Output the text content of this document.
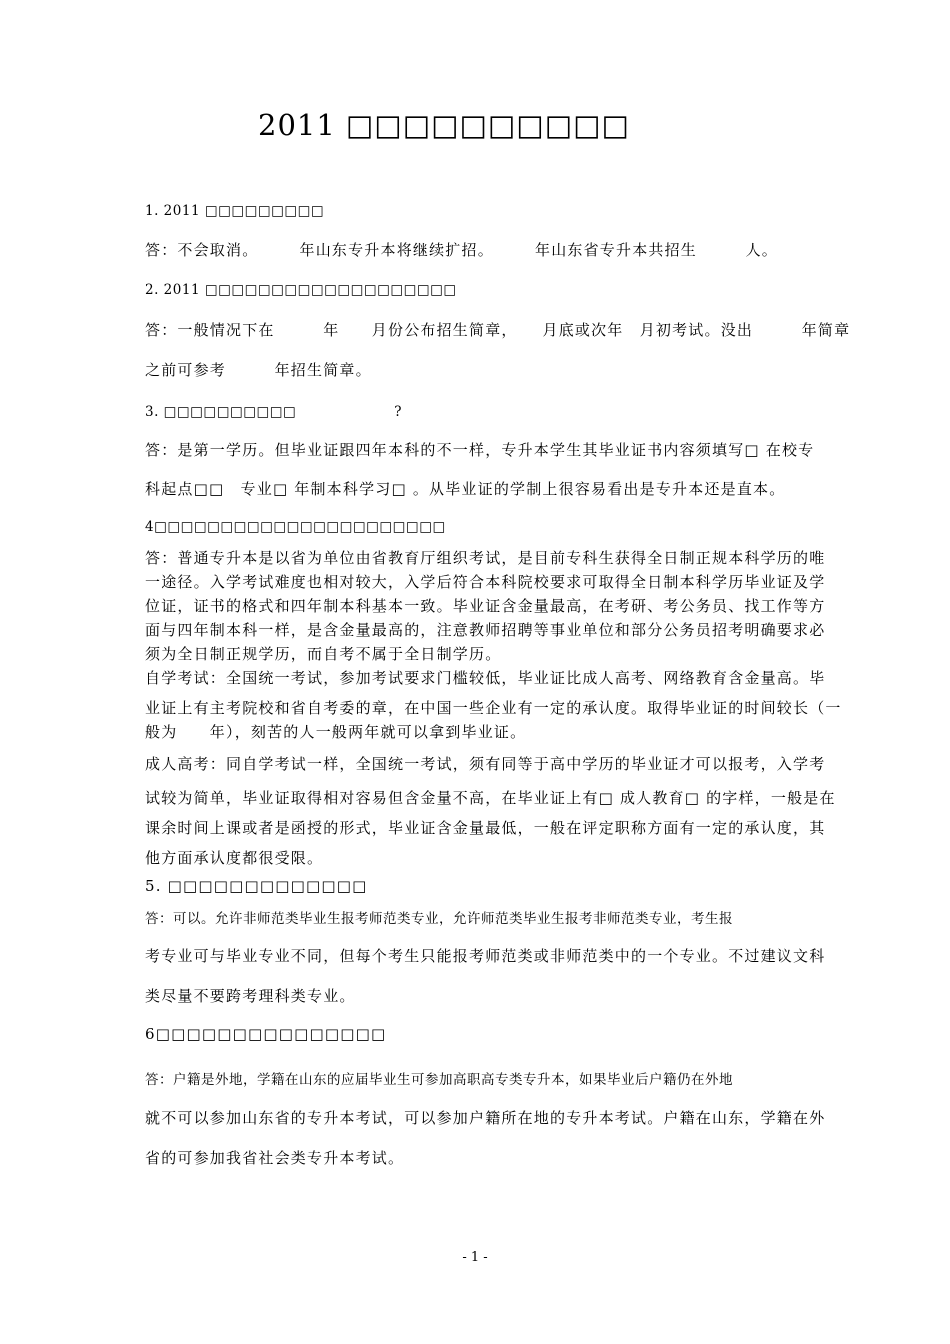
2011 □□□□□□□□□□
1. 2011 □□□□□□□□□
答：不会取消。　　　年山东专升本将继续扩招。　　　年山东省专升本共招生　　　人。
2. 2011 □□□□□□□□□□□□□□□□□□□
答：一般情况下在　　　年　　月份公布招生简章，　　月底或次年　月初考试。没出　　　年简章
之前可参考　　　年招生简章。
3. □□□□□□□□□□　　　　　　　?
答：是第一学历。但毕业证跟四年本科的不一样，专升本学生其毕业证书内容须填写□ 在校专
科起点□□　专业□ 年制本科学习□ 。从毕业证的学制上很容易看出是专升本还是直本。
4□□□□□□□□□□□□□□□□□□□□□□
答：普通专升本是以省为单位由省教育厅组织考试，是目前专科生获得全日制正规本科学历的唯
一途径。入学考试难度也相对较大，入学后符合本科院校要求可取得全日制本科学历毕业证及学
位证，证书的格式和四年制本科基本一致。毕业证含金量最高，在考研、考公务员、找工作等方
面与四年制本科一样，是含金量最高的，注意教师招聘等事业单位和部分公务员招考明确要求必
须为全日制正规学历，而自考不属于全日制学历。
自学考试：全国统一考试，参加考试要求门槛较低，毕业证比成人高考、网络教育含金量高。毕
业证上有主考院校和省自考委的章，在中国一些企业有一定的承认度。取得毕业证的时间较长（一
般为　　年），刻苦的人一般两年就可以拿到毕业证。
成人高考：同自学考试一样，全国统一考试，须有同等于高中学历的毕业证才可以报考，入学考
试较为简单，毕业证取得相对容易但含金量不高，在毕业证上有□ 成人教育□ 的字样，一般是在
课余时间上课或者是函授的形式，毕业证含金量最低，一般在评定职称方面有一定的承认度，其
他方面承认度都很受限。
5. □□□□□□□□□□□□□
答：可以。允许非师范类毕业生报考师范类专业，允许师范类毕业生报考非师范类专业，考生报
考专业可与毕业专业不同，但每个考生只能报考师范类或非师范类中的一个专业。不过建议文科
类尽量不要跨考理科类专业。
6□□□□□□□□□□□□□□□
答：户籍是外地，学籍在山东的应届毕业生可参加高职高专类专升本，如果毕业后户籍仍在外地
就不可以参加山东省的专升本考试，可以参加户籍所在地的专升本考试。户籍在山东，学籍在外
省的可参加我省社会类专升本考试。
- 1 -
